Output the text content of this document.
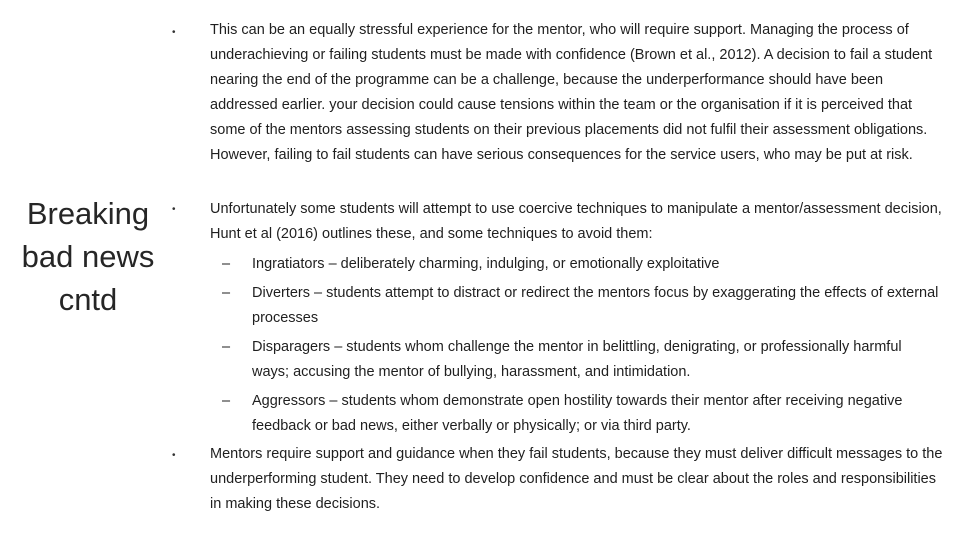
Breaking
bad news
cntd
• This can be an equally stressful experience for the mentor, who will require support. Managing the process of underachieving or failing students must be made with confidence (Brown et al., 2012). A decision to fail a student nearing the end of the programme can be a challenge, because the underperformance should have been addressed earlier. your decision could cause tensions within the team or the organisation if it is perceived that some of the mentors assessing students on their previous placements did not fulfil their assessment obligations. However, failing to fail students can have serious consequences for the service users, who may be put at risk.

• Unfortunately some students will attempt to use coercive techniques to manipulate a mentor/assessment decision, Hunt et al (2016) outlines these, and some techniques to avoid them:

– Ingratiators – deliberately charming, indulging, or emotionally exploitative

– Diverters – students attempt to distract or redirect the mentors focus by exaggerating the effects of external processes

– Disparagers – students whom challenge the mentor in belittling, denigrating, or professionally harmful ways; accusing the mentor of bullying, harassment, and intimidation.

– Aggressors – students whom demonstrate open hostility towards their mentor after receiving negative feedback or bad news, either verbally or physically; or via third party.

• Mentors require support and guidance when they fail students, because they must deliver difficult messages to the underperforming student. They need to develop confidence and must be clear about the roles and responsibilities in making these decisions.
